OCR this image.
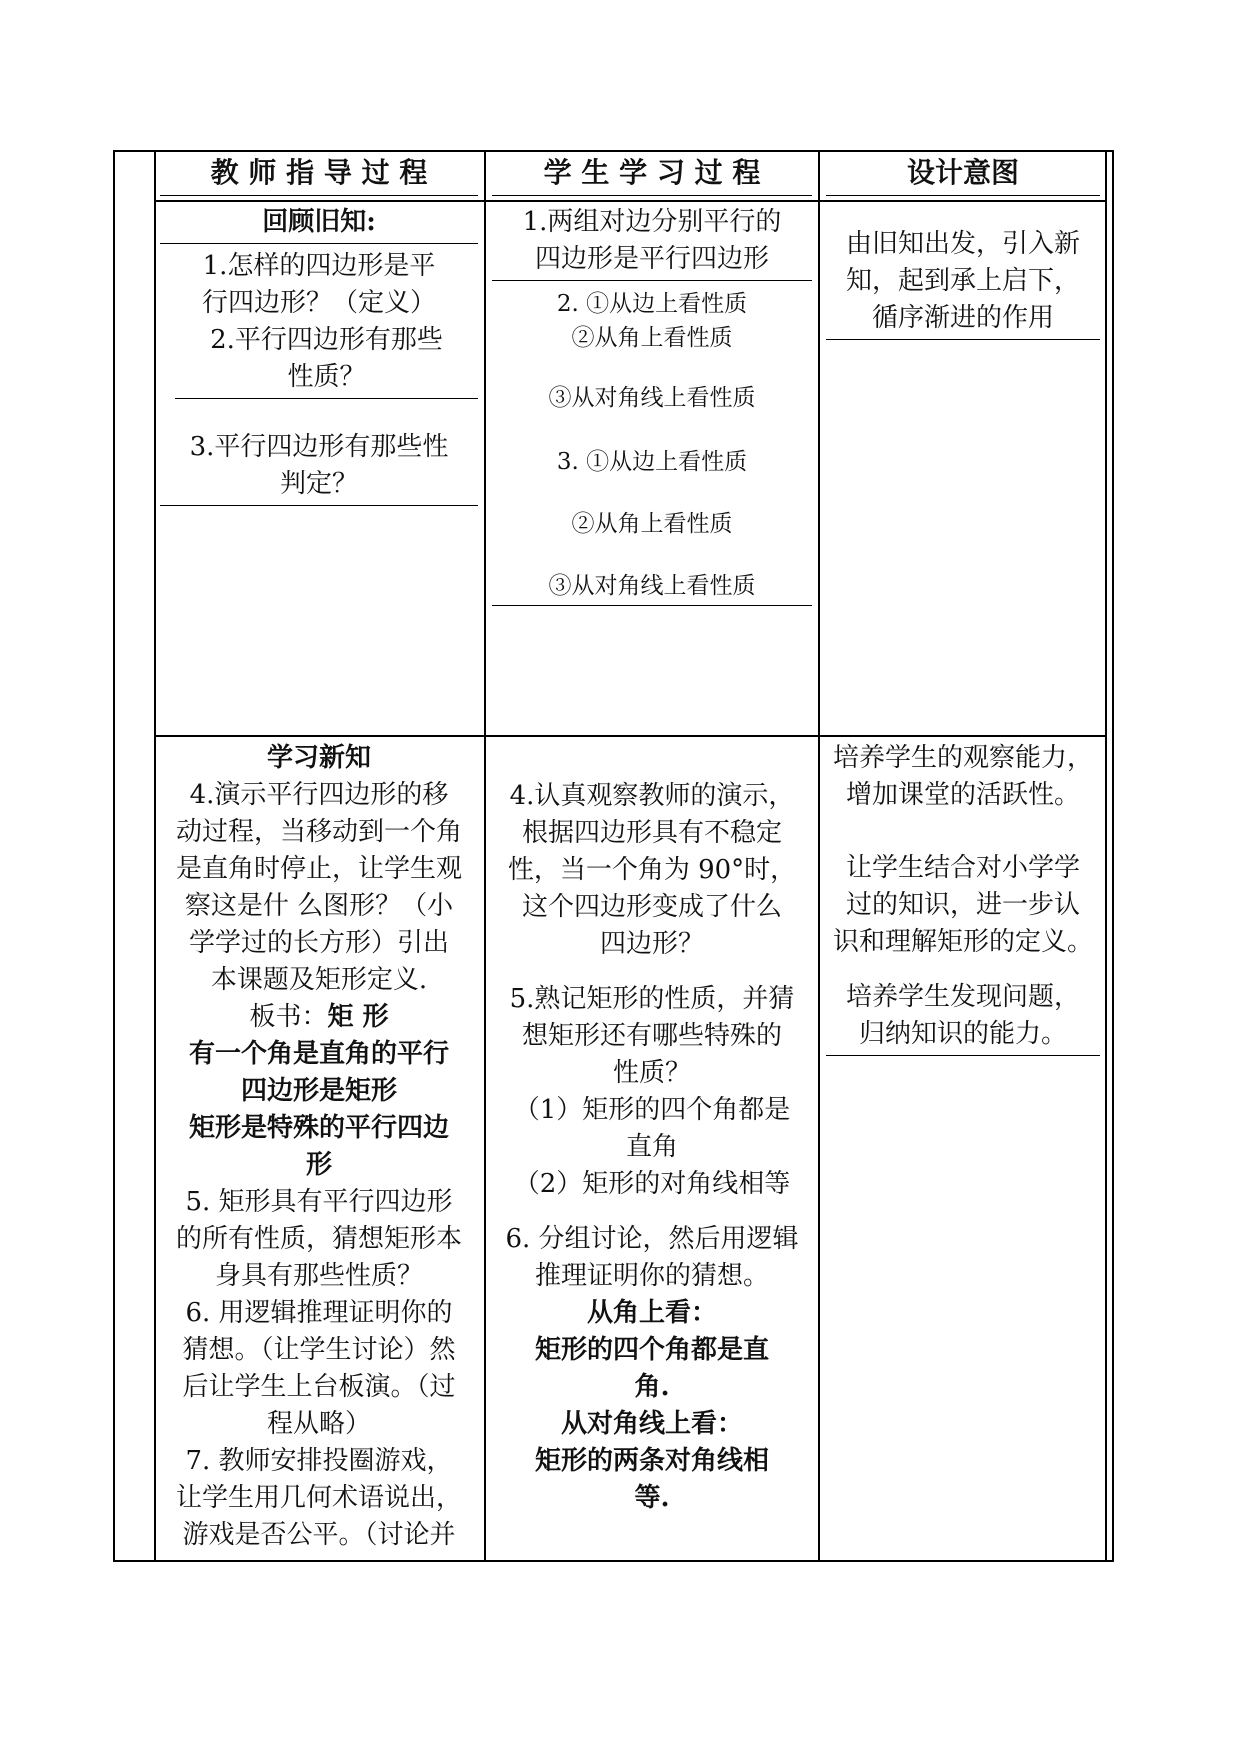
教 师 指 导 过 程	学 生 学 习 过 程	设计意图
回顾旧知:
1.怎样的四边形是平
行四边形？（定义）
2.平行四边形有那些
性质？
3.平行四边形有那些性
判定？
1.两组对边分别平行的
四边形是平行四边形
2. ①从边上看性质
②从角上看性质
③从对角线上看性质
3. ①从边上看性质
②从角上看性质
③从对角线上看性质
由旧知出发，引入新
知，起到承上启下，
循序渐进的作用
学习新知
4.演示平行四边形的移
动过程，当移动到一个角
是直角时停止，让学生观
察这是什 么图形？（小
学学过的长方形）引出
本课题及矩形定义.
板书：矩 形
有一个角是直角的平行
四边形是矩形
矩形是特殊的平行四边
形
5. 矩形具有平行四边形
的所有性质，猜想矩形本
身具有那些性质？
6. 用逻辑推理证明你的
猜想。（让学生讨论）然
后让学生上台板演。（过
程从略）
7. 教师安排投圈游戏，
让学生用几何术语说出，
游戏是否公平。（讨论并
4.认真观察教师的演示，
根据四边形具有不稳定
性，当一个角为 90°时，
这个四边形变成了什么
四边形？
5.熟记矩形的性质，并猜
想矩形还有哪些特殊的
性质？
（1）矩形的四个角都是
直角
（2）矩形的对角线相等
6. 分组讨论，然后用逻辑
推理证明你的猜想。
从角上看：
矩形的四个角都是直
角.
从对角线上看：
矩形的两条对角线相
等.
培养学生的观察能力，
增加课堂的活跃性。
让学生结合对小学学
过的知识，进一步认
识和理解矩形的定义。
培养学生发现问题，
归纳知识的能力。
